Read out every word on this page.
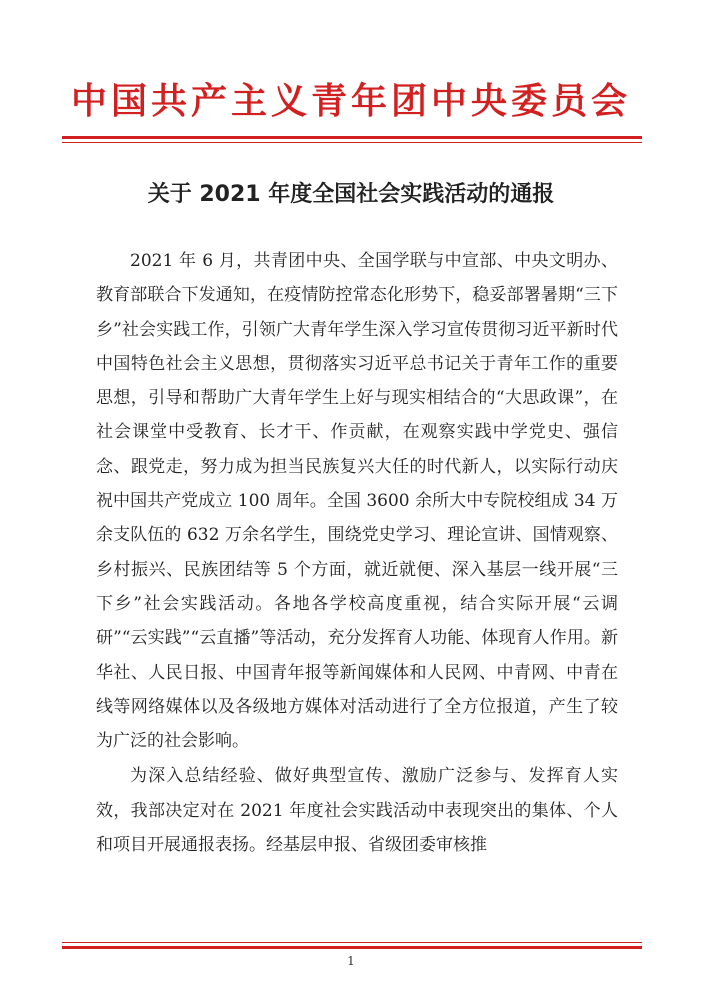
中国共产主义青年团中央委员会
关于 2021 年度全国社会实践活动的通报

2021 年 6 月，共青团中央、全国学联与中宣部、中央文明办、教育部联合下发通知，在疫情防控常态化形势下，稳妥部署暑期“三下乡”社会实践工作，引领广大青年学生深入学习宣传贯彻习近平新时代中国特色社会主义思想，贯彻落实习近平总书记关于青年工作的重要思想，引导和帮助广大青年学生上好与现实相结合的“大思政课”，在社会课堂中受教育、长才干、作贡献，在观察实践中学党史、强信念、跟党走，努力成为担当民族复兴大任的时代新人，以实际行动庆祝中国共产党成立 100 周年。全国 3600 余所大中专院校组成 34 万余支队伍的 632 万余名学生，围绕党史学习、理论宣讲、国情观察、乡村振兴、民族团结等 5 个方面，就近就便、深入基层一线开展“三下乡”社会实践活动。各地各学校高度重视，结合实际开展“云调研”“云实践”“云直播”等活动，充分发挥育人功能、体现育人作用。新华社、人民日报、中国青年报等新闻媒体和人民网、中青网、中青在线等网络媒体以及各级地方媒体对活动进行了全方位报道，产生了较为广泛的社会影响。

为深入总结经验、做好典型宣传、激励广泛参与、发挥育人实效，我部决定对在 2021 年度社会实践活动中表现突出的集体、个人和项目开展通报表扬。经基层申报、省级团委审核推

1
